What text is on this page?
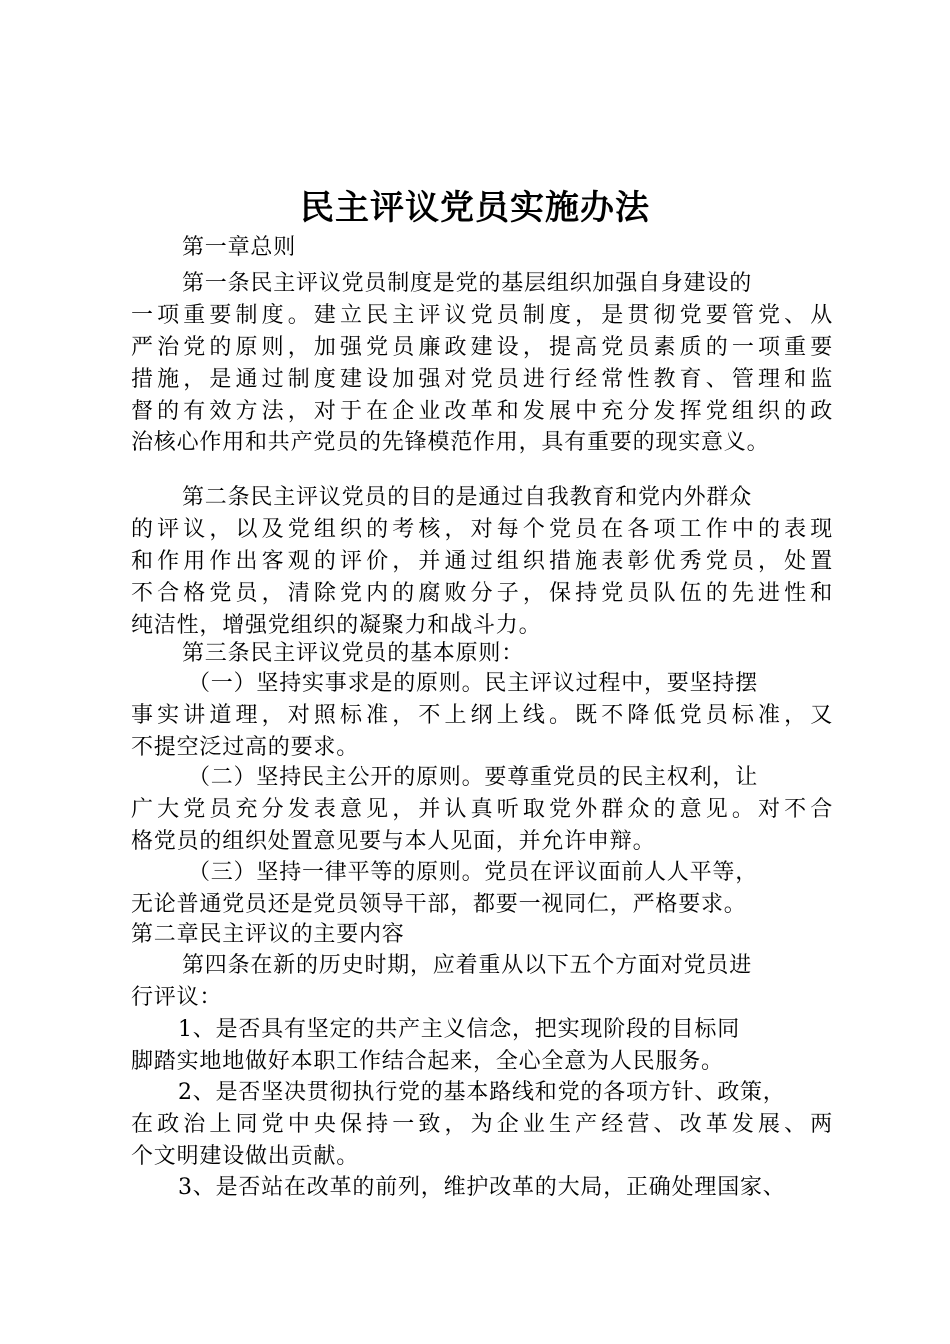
民主评议党员实施办法
第一章总则
第一条民主评议党员制度是党的基层组织加强自身建设的
一项重要制度。建立民主评议党员制度，是贯彻党要管党、从
严治党的原则，加强党员廉政建设，提高党员素质的一项重要
措施，是通过制度建设加强对党员进行经常性教育、管理和监
督的有效方法，对于在企业改革和发展中充分发挥党组织的政
治核心作用和共产党员的先锋模范作用，具有重要的现实意义。
第二条民主评议党员的目的是通过自我教育和党内外群众
的评议，以及党组织的考核，对每个党员在各项工作中的表现
和作用作出客观的评价，并通过组织措施表彰优秀党员，处置
不合格党员，清除党内的腐败分子，保持党员队伍的先进性和
纯洁性，增强党组织的凝聚力和战斗力。
第三条民主评议党员的基本原则：
（一）坚持实事求是的原则。民主评议过程中，要坚持摆
事实讲道理，对照标准，不上纲上线。既不降低党员标准，又
不提空泛过高的要求。
（二）坚持民主公开的原则。要尊重党员的民主权利，让
广大党员充分发表意见，并认真听取党外群众的意见。对不合
格党员的组织处置意见要与本人见面，并允许申辩。
（三）坚持一律平等的原则。党员在评议面前人人平等，
无论普通党员还是党员领导干部，都要一视同仁，严格要求。
第二章民主评议的主要内容
第四条在新的历史时期，应着重从以下五个方面对党员进
行评议：
1、是否具有坚定的共产主义信念，把实现阶段的目标同
脚踏实地地做好本职工作结合起来，全心全意为人民服务。
2、是否坚决贯彻执行党的基本路线和党的各项方针、政策，
在政治上同党中央保持一致，为企业生产经营、改革发展、两
个文明建设做出贡献。
3、是否站在改革的前列，维护改革的大局，正确处理国家、
